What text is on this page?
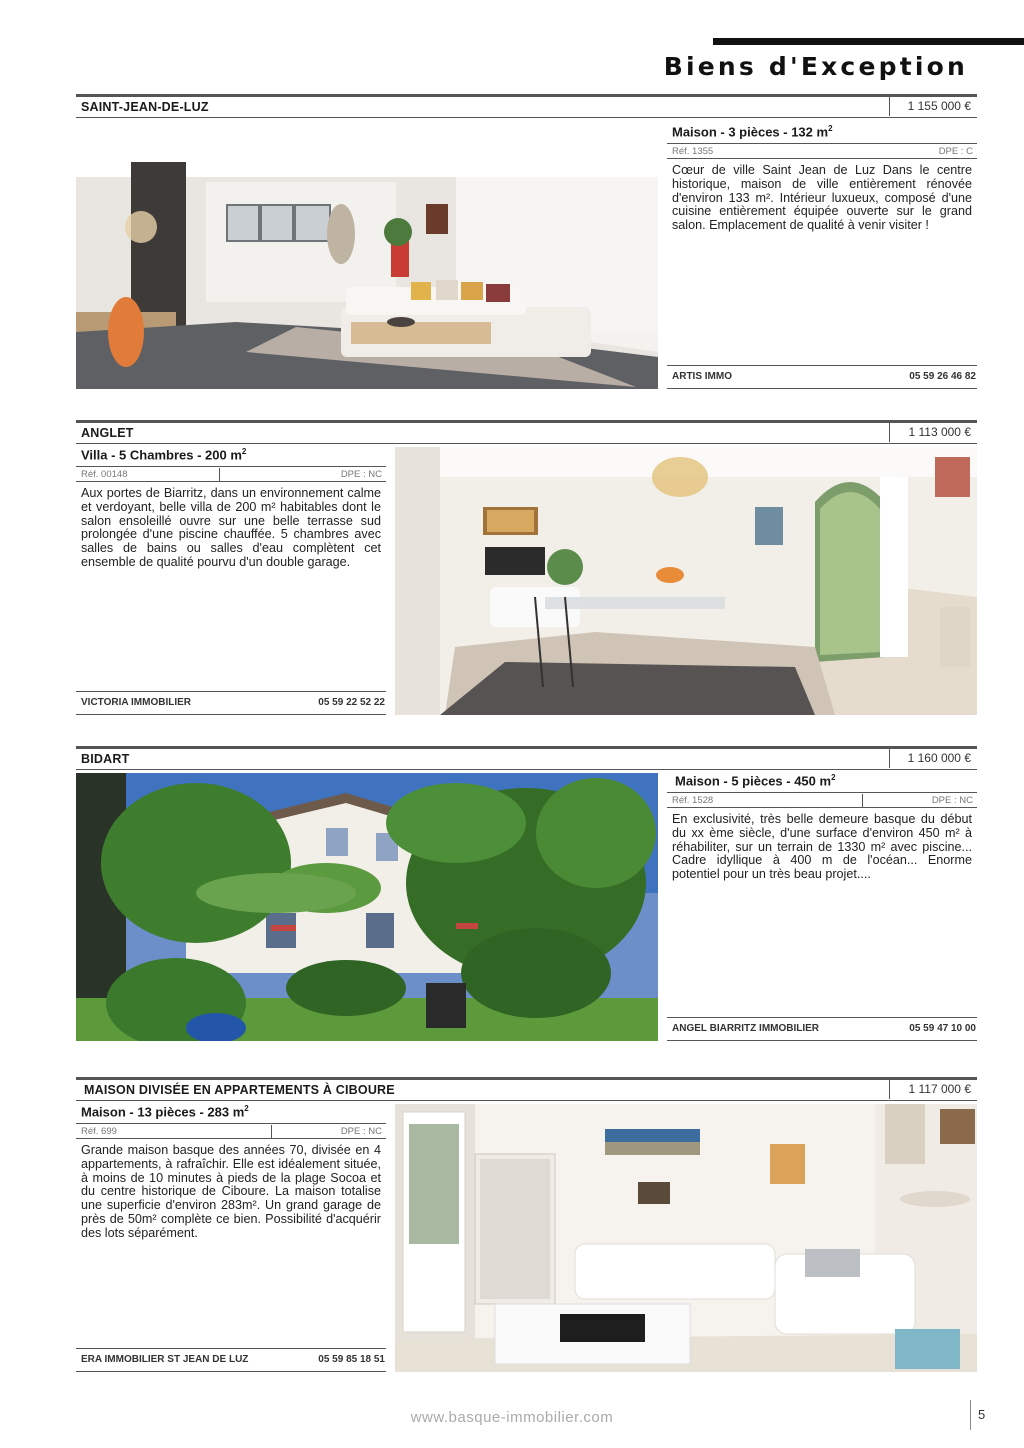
Biens d'Exception
SAINT-JEAN-DE-LUZ	1 155 000 €
Maison - 3 pièces - 132 $m^2$
Réf. 1355	DPE : C
Cœur de ville Saint Jean de Luz Dans le centre historique, maison de ville entièrement rénovée d'environ 133 m². Intérieur luxueux, composé d'une cuisine entièrement équipée ouverte sur le grand salon. Emplacement de qualité à venir visiter !
ARTIS IMMO	05 59 26 46 82
ANGLET	1 113 000 €
Villa - 5 Chambres - 200 $m^2$
Réf. 00148	DPE : NC
Aux portes de Biarritz, dans un environnement calme et verdoyant, belle villa de 200 m² habitables dont le salon ensoleillé ouvre sur une belle terrasse sud prolongée d'une piscine chauffée. 5 chambres avec salles de bains ou salles d'eau complètent cet ensemble de qualité pourvu d'un double garage.
VICTORIA IMMOBILIER	05 59 22 52 22
BIDART	1 160 000 €
Maison - 5 pièces - 450 $m^2$
Réf. 1528	DPE : NC
En exclusivité, très belle demeure basque du début du xx ème siècle, d'une surface d'environ 450 m² à réhabiliter, sur un terrain de 1330 m² avec piscine... Cadre idyllique à 400 m de l'océan... Enorme potentiel pour un très beau projet....
ANGEL BIARRITZ IMMOBILIER	05 59 47 10 00
MAISON DIVISÉE EN APPARTEMENTS À CIBOURE	1 117 000 €
Maison - 13 pièces - 283 $m^2$
Réf. 699	DPE : NC
Grande maison basque des années 70, divisée en 4 appartements, à rafraîchir. Elle est idéalement située, à moins de 10 minutes à pieds de la plage Socoa et du centre historique de Ciboure. La maison totalise une superficie d'environ 283m². Un grand garage de près de 50m² complète ce bien. Possibilité d'acquérir des lots séparément.
ERA IMMOBILIER ST JEAN DE LUZ	05 59 85 18 51
www.basque-immobilier.com	5
